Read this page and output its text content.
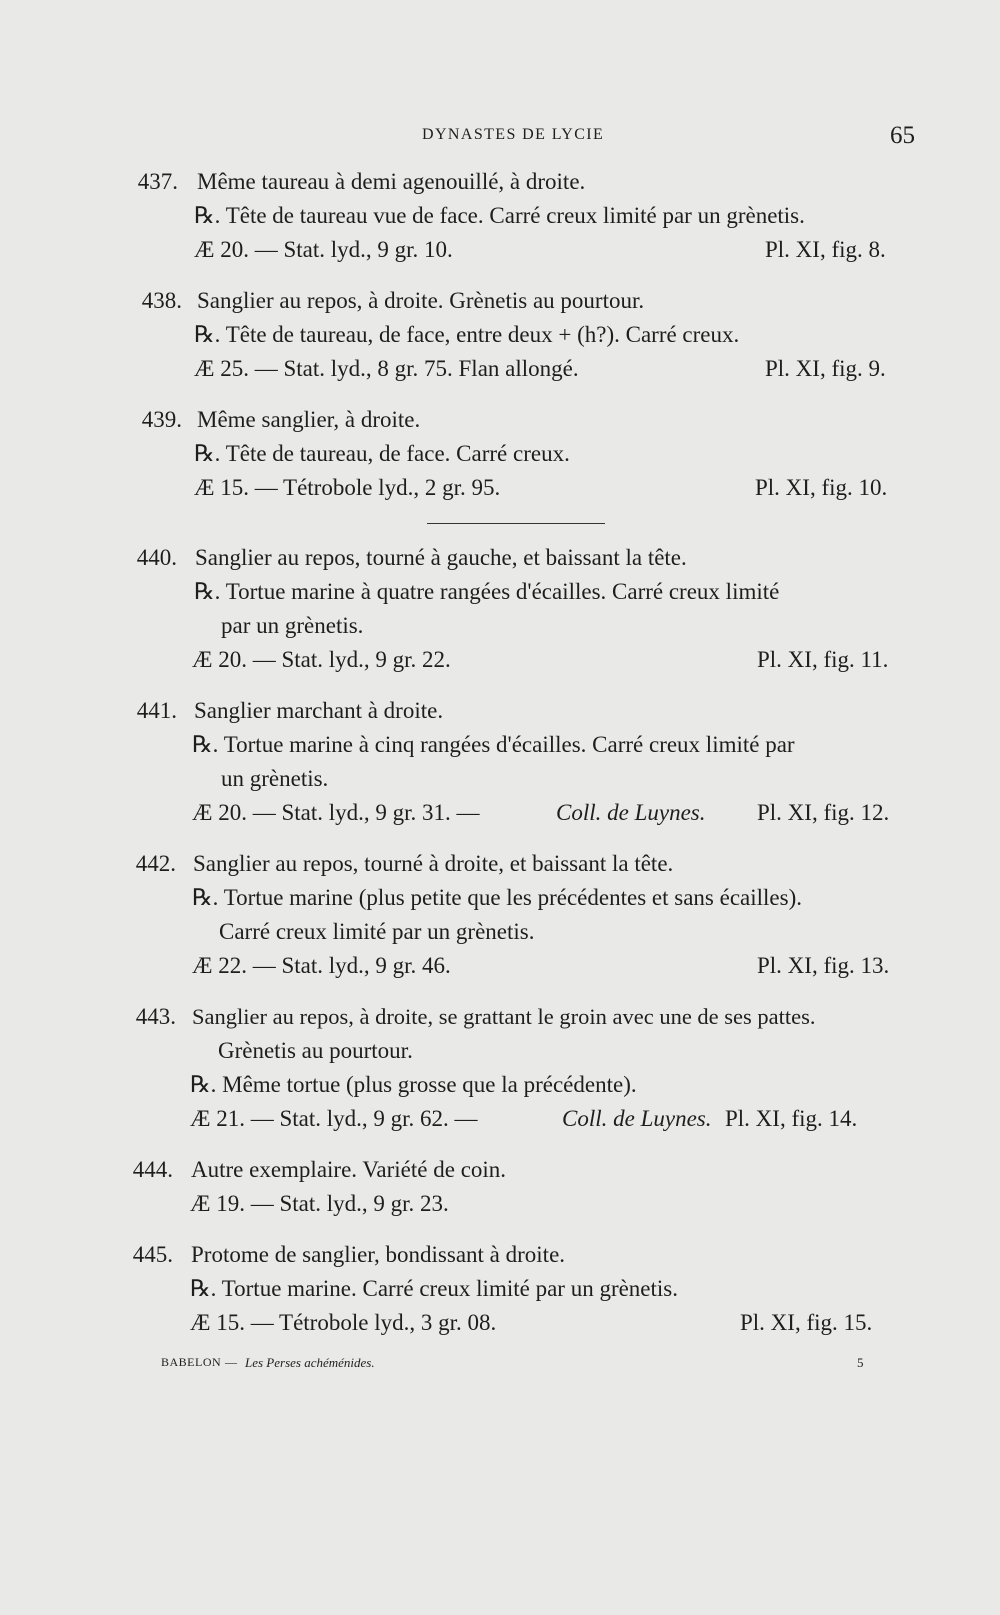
DYNASTES DE LYCIE	65
437. Même taureau à demi agenouillé, à droite.
℞. Tête de taureau vue de face. Carré creux limité par un grènetis.
Æ 20. — Stat. lyd., 9 gr. 10.	Pl. XI, fig. 8.
438. Sanglier au repos, à droite. Grènetis au pourtour.
℞. Tête de taureau, de face, entre deux + (h?). Carré creux.
Æ 25. — Stat. lyd., 8 gr. 75. Flan allongé.	Pl. XI, fig. 9.
439. Même sanglier, à droite.
℞. Tête de taureau, de face. Carré creux.
Æ 15. — Tétrobole lyd., 2 gr. 95.	Pl. XI, fig. 10.
440. Sanglier au repos, tourné à gauche, et baissant la tête.
℞. Tortue marine à quatre rangées d'écailles. Carré creux limité
par un grènetis.
Æ 20. — Stat. lyd., 9 gr. 22.	Pl. XI, fig. 11.
441. Sanglier marchant à droite.
℞. Tortue marine à cinq rangées d'écailles. Carré creux limité par
un grènetis.
Æ 20. — Stat. lyd., 9 gr. 31. —	Coll. de Luynes. Pl. XI, fig. 12.
442. Sanglier au repos, tourné à droite, et baissant la tête.
℞. Tortue marine (plus petite que les précédentes et sans écailles).
Carré creux limité par un grènetis.
Æ 22. — Stat. lyd., 9 gr. 46.	Pl. XI, fig. 13.
443. Sanglier au repos, à droite, se grattant le groin avec une de ses pattes.
Grènetis au pourtour.
℞. Même tortue (plus grosse que la précédente).
Æ 21. — Stat. lyd., 9 gr. 62. —	Coll. de Luynes. Pl. XI, fig. 14.
444. Autre exemplaire. Variété de coin.
Æ 19. — Stat. lyd., 9 gr. 23.
445. Protome de sanglier, bondissant à droite.
℞. Tortue marine. Carré creux limité par un grènetis.
Æ 15. — Tétrobole lyd., 3 gr. 08.	Pl. XI, fig. 15.
BABELON — Les Perses achéménides.	5
